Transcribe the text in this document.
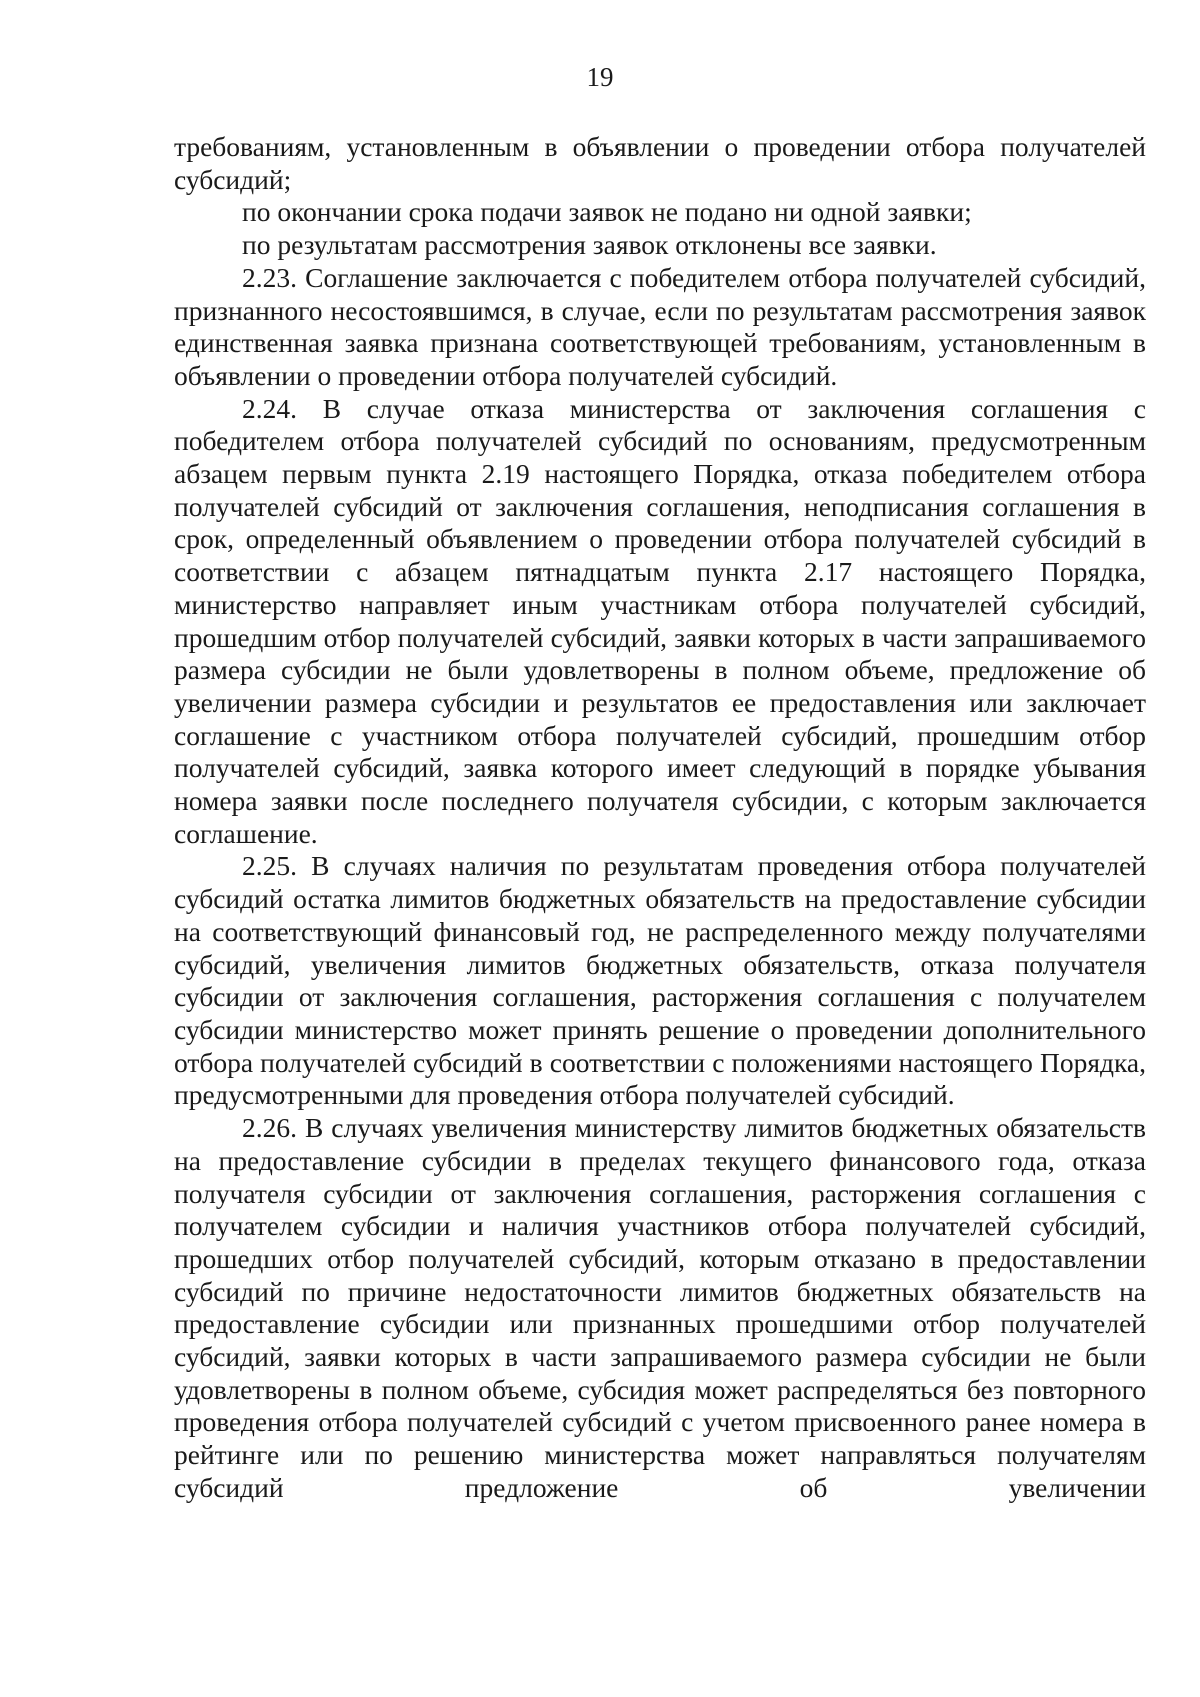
19

требованиям, установленным в объявлении о проведении отбора получателей субсидий;

по окончании срока подачи заявок не подано ни одной заявки;

по результатам рассмотрения заявок отклонены все заявки.

2.23. Соглашение заключается с победителем отбора получателей субсидий, признанного несостоявшимся, в случае, если по результатам рассмотрения заявок единственная заявка признана соответствующей требованиям, установленным в объявлении о проведении отбора получателей субсидий.

2.24. В случае отказа министерства от заключения соглашения с победителем отбора получателей субсидий по основаниям, предусмотренным абзацем первым пункта 2.19 настоящего Порядка, отказа победителем отбора получателей субсидий от заключения соглашения, неподписания соглашения в срок, определенный объявлением о проведении отбора получателей субсидий в соответствии с абзацем пятнадцатым пункта 2.17 настоящего Порядка, министерство направляет иным участникам отбора получателей субсидий, прошедшим отбор получателей субсидий, заявки которых в части запрашиваемого размера субсидии не были удовлетворены в полном объеме, предложение об увеличении размера субсидии и результатов ее предоставления или заключает соглашение с участником отбора получателей субсидий, прошедшим отбор получателей субсидий, заявка которого имеет следующий в порядке убывания номера заявки после последнего получателя субсидии, с которым заключается соглашение.

2.25. В случаях наличия по результатам проведения отбора получателей субсидий остатка лимитов бюджетных обязательств на предоставление субсидии на соответствующий финансовый год, не распределенного между получателями субсидий, увеличения лимитов бюджетных обязательств, отказа получателя субсидии от заключения соглашения, расторжения соглашения с получателем субсидии министерство может принять решение о проведении дополнительного отбора получателей субсидий в соответствии с положениями настоящего Порядка, предусмотренными для проведения отбора получателей субсидий.

2.26. В случаях увеличения министерству лимитов бюджетных обязательств на предоставление субсидии в пределах текущего финансового года, отказа получателя субсидии от заключения соглашения, расторжения соглашения с получателем субсидии и наличия участников отбора получателей субсидий, прошедших отбор получателей субсидий, которым отказано в предоставлении субсидий по причине недостаточности лимитов бюджетных обязательств на предоставление субсидии или признанных прошедшими отбор получателей субсидий, заявки которых в части запрашиваемого размера субсидии не были удовлетворены в полном объеме, субсидия может распределяться без повторного проведения отбора получателей субсидий с учетом присвоенного ранее номера в рейтинге или по решению министерства может направляться получателям субсидий предложение об увеличении
